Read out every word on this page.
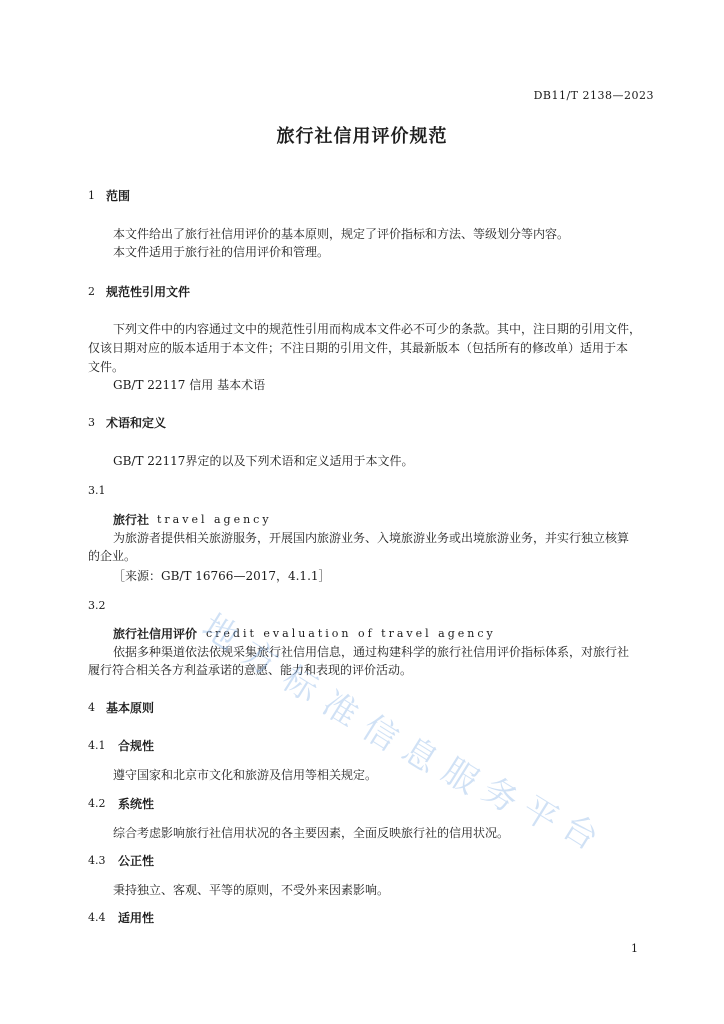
DB11/T 2138—2023
旅行社信用评价规范
1 范围
本文件给出了旅行社信用评价的基本原则，规定了评价指标和方法、等级划分等内容。
本文件适用于旅行社的信用评价和管理。
2 规范性引用文件
下列文件中的内容通过文中的规范性引用而构成本文件必不可少的条款。其中，注日期的引用文件，
仅该日期对应的版本适用于本文件；不注日期的引用文件，其最新版本（包括所有的修改单）适用于本
文件。
GB/T 22117 信用 基本术语
3 术语和定义
GB/T 22117界定的以及下列术语和定义适用于本文件。
3.1
旅行社 travel agency
为旅游者提供相关旅游服务，开展国内旅游业务、入境旅游业务或出境旅游业务，并实行独立核算
的企业。
［来源：GB/T 16766—2017，4.1.1］
3.2
旅行社信用评价 credit evaluation of travel agency
依据多种渠道依法依规采集旅行社信用信息，通过构建科学的旅行社信用评价指标体系，对旅行社
履行符合相关各方利益承诺的意愿、能力和表现的评价活动。
4 基本原则
4.1 合规性
遵守国家和北京市文化和旅游及信用等相关规定。
4.2 系统性
综合考虑影响旅行社信用状况的各主要因素，全面反映旅行社的信用状况。
4.3 公正性
秉持独立、客观、平等的原则，不受外来因素影响。
4.4 适用性
地
方
标
准
信
息
服
务
平
台
1
